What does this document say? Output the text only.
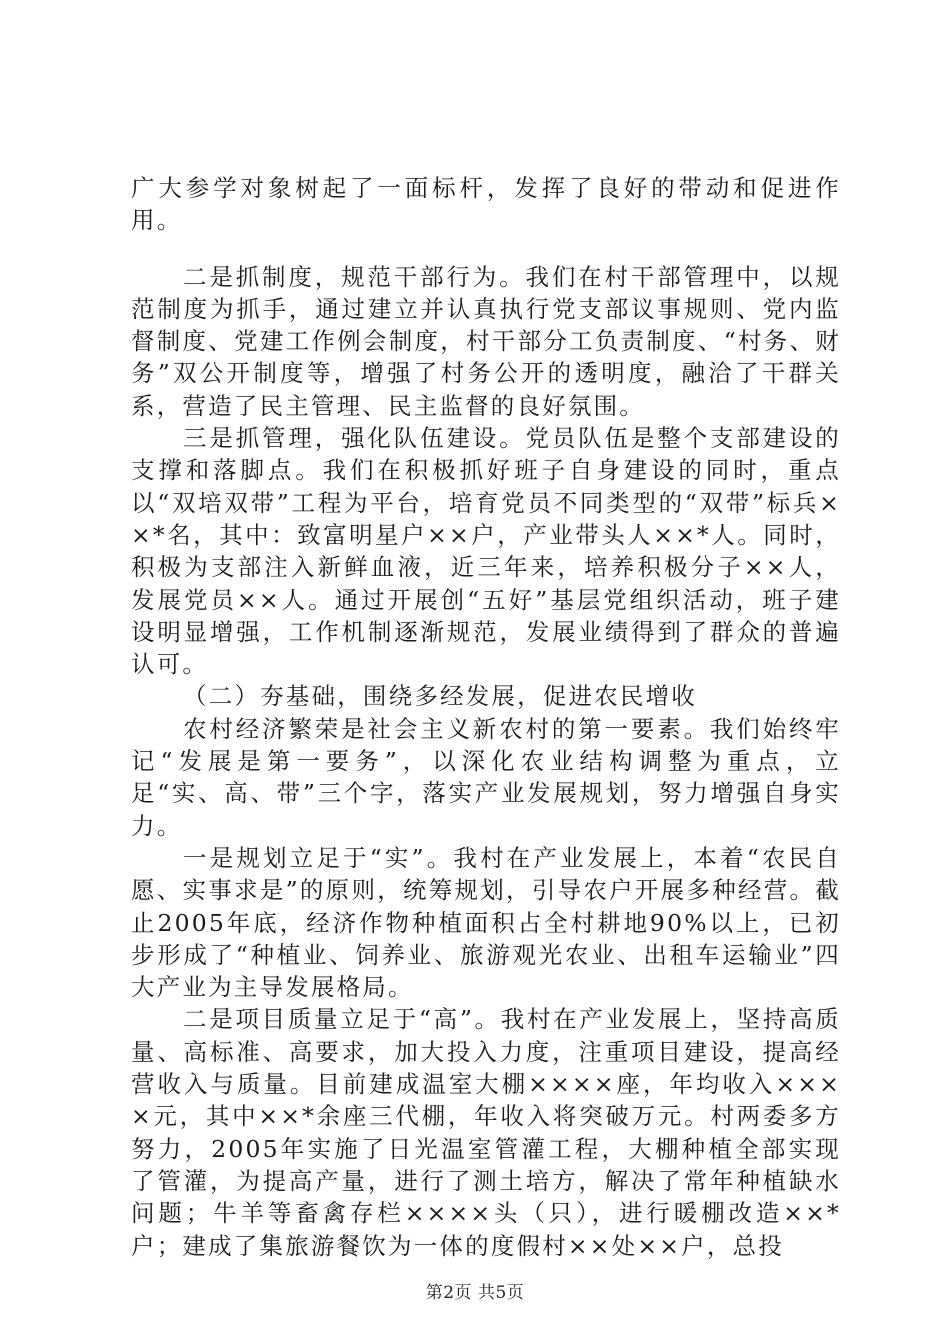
广大参学对象树起了一面标杆，发挥了良好的带动和促进作用。

二是抓制度，规范干部行为。我们在村干部管理中，以规范制度为抓手，通过建立并认真执行党支部议事规则、党内监督制度、党建工作例会制度，村干部分工负责制度、“村务、财务”双公开制度等，增强了村务公开的透明度，融洽了干群关系，营造了民主管理、民主监督的良好氛围。

三是抓管理，强化队伍建设。党员队伍是整个支部建设的支撑和落脚点。我们在积极抓好班子自身建设的同时，重点以“双培双带”工程为平台，培育党员不同类型的“双带”标兵××*名，其中：致富明星户××户，产业带头人××*人。同时，积极为支部注入新鲜血液，近三年来，培养积极分子××人，发展党员××人。通过开展创“五好”基层党组织活动，班子建设明显增强，工作机制逐渐规范，发展业绩得到了群众的普遍认可。

（二）夯基础，围绕多经发展，促进农民增收

农村经济繁荣是社会主义新农村的第一要素。我们始终牢记“发展是第一要务”，以深化农业结构调整为重点，立足“实、高、带”三个字，落实产业发展规划，努力增强自身实力。

一是规划立足于“实”。我村在产业发展上，本着“农民自愿、实事求是”的原则，统筹规划，引导农户开展多种经营。截止2005年底，经济作物种植面积占全村耕地90%以上，已初步形成了“种植业、饲养业、旅游观光农业、出租车运输业”四大产业为主导发展格局。

二是项目质量立足于“高”。我村在产业发展上，坚持高质量、高标准、高要求，加大投入力度，注重项目建设，提高经营收入与质量。目前建成温室大棚××××座，年均收入××××元，其中××*余座三代棚，年收入将突破万元。村两委多方努力，2005年实施了日光温室管灌工程，大棚种植全部实现了管灌，为提高产量，进行了测土培方，解决了常年种植缺水问题；牛羊等畜禽存栏××××头（只），进行暖棚改造××*户；建成了集旅游餐饮为一体的度假村××处××户，总投

第2页 共5页
